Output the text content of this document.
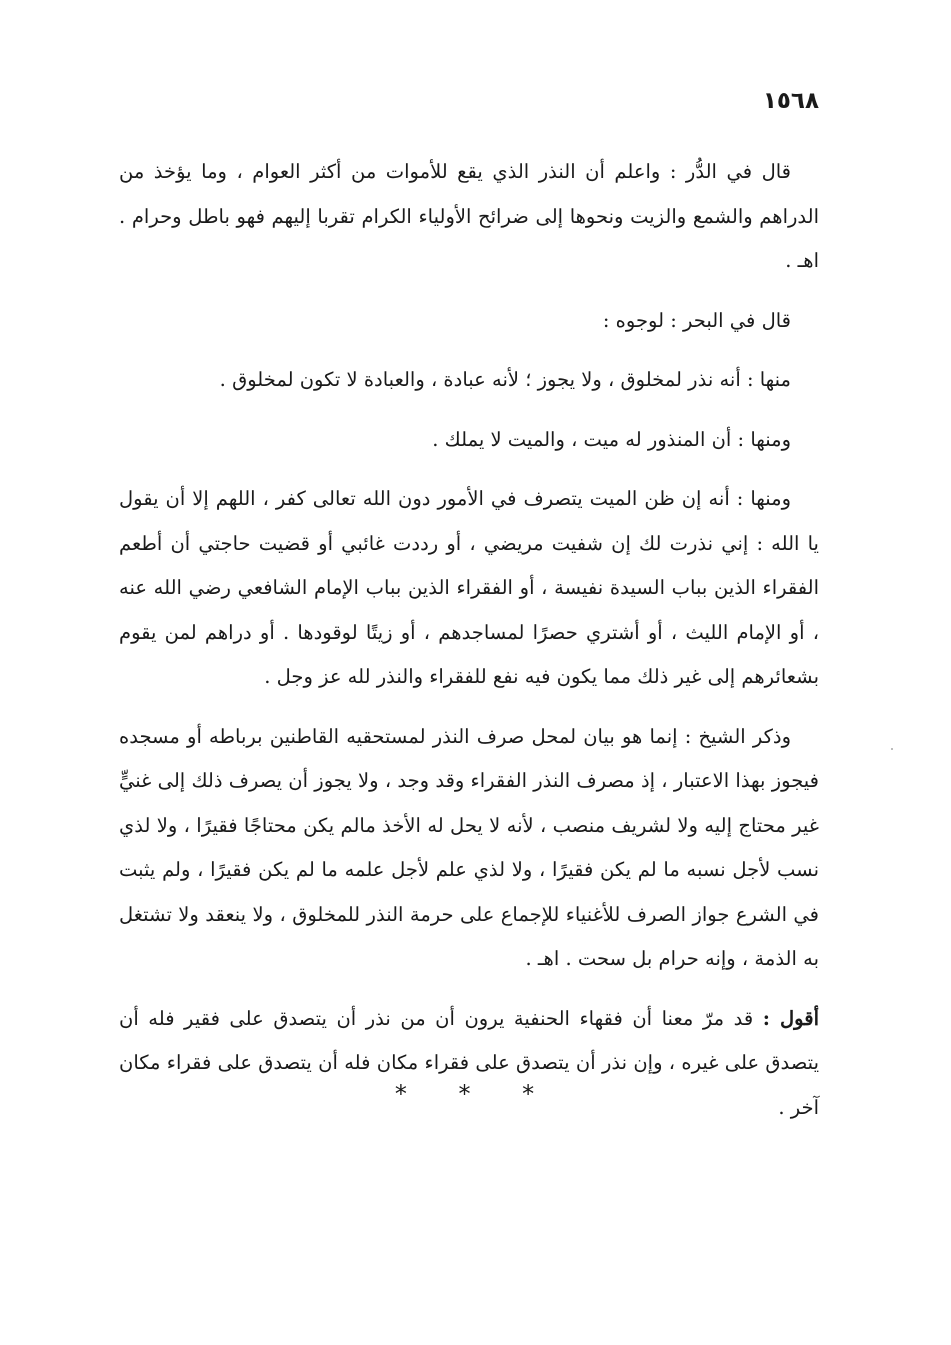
١٥٦٨

قال في الدُّر : واعلم أن النذر الذي يقع للأموات من أكثر العوام ، وما يؤخذ من الدراهم والشمع والزيت ونحوها إلى ضرائح الأولياء الكرام تقربا إليهم فهو باطل وحرام . اهـ .

قال في البحر : لوجوه :

منها : أنه نذر لمخلوق ، ولا يجوز ؛ لأنه عبادة ، والعبادة لا تكون لمخلوق .

ومنها : أن المنذور له ميت ، والميت لا يملك .

ومنها : أنه إن ظن الميت يتصرف في الأمور دون الله تعالى كفر ، اللهم إلا أن يقول يا الله : إني نذرت لك إن شفيت مريضي ، أو رددت غائبي أو قضيت حاجتي أن أطعم الفقراء الذين بباب السيدة نفيسة ، أو الفقراء الذين بباب الإمام الشافعي رضي الله عنه ، أو الإمام الليث ، أو أشتري حصرًا لمساجدهم ، أو زيتًا لوقودها . أو دراهم لمن يقوم بشعائرهم إلى غير ذلك مما يكون فيه نفع للفقراء والنذر لله عز وجل .

وذكر الشيخ : إنما هو بيان لمحل صرف النذر لمستحقيه القاطنين برباطه أو مسجده فيجوز بهذا الاعتبار ، إذ مصرف النذر الفقراء وقد وجد ، ولا يجوز أن يصرف ذلك إلى غنيٍّ غير محتاج إليه ولا لشريف منصب ، لأنه لا يحل له الأخذ مالم يكن محتاجًا فقيرًا ، ولا لذي نسب لأجل نسبه ما لم يكن فقيرًا ، ولا لذي علم لأجل علمه ما لم يكن فقيرًا ، ولم يثبت في الشرع جواز الصرف للأغنياء للإجماع على حرمة النذر للمخلوق ، ولا ينعقد ولا تشتغل به الذمة ، وإنه حرام بل سحت . اهـ .

أقول : قد مرّ معنا أن فقهاء الحنفية يرون أن من نذر أن يتصدق على فقير فله أن يتصدق على غيره ، وإن نذر أن يتصدق على فقراء مكان فله أن يتصدق على فقراء مكان آخر .

* * *
